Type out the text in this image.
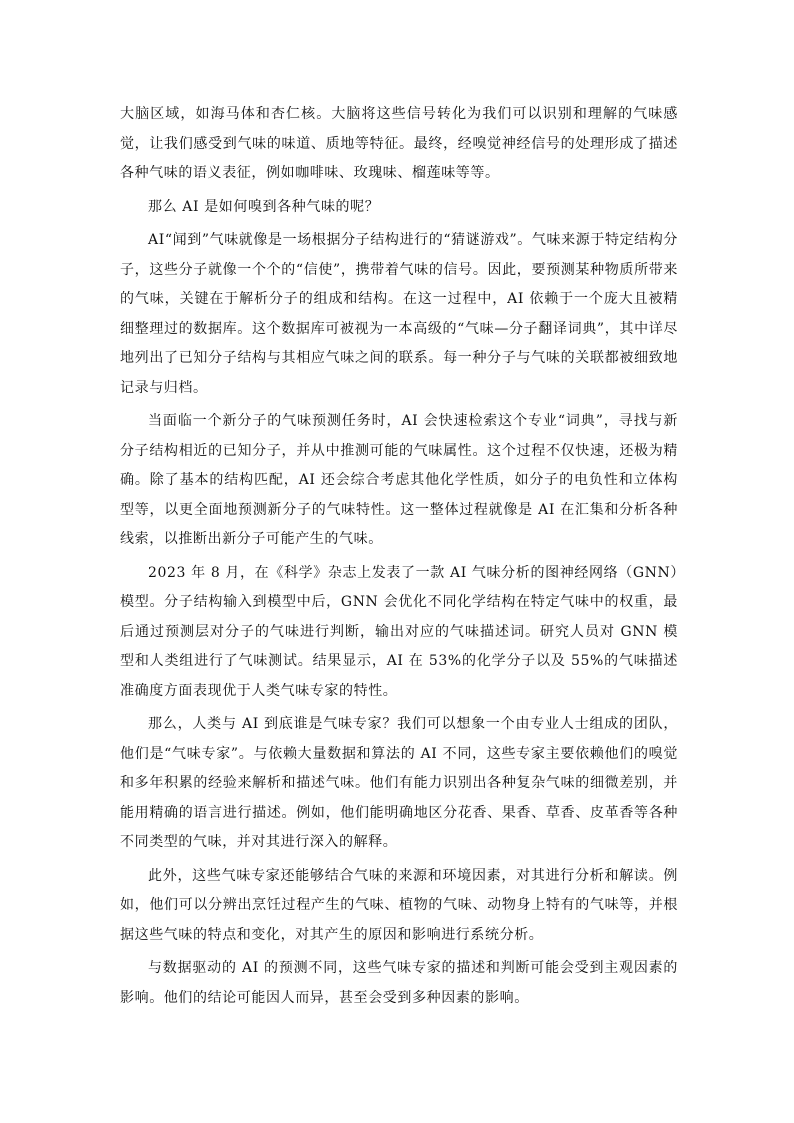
大脑区域，如海马体和杏仁核。大脑将这些信号转化为我们可以识别和理解的气味感觉，让我们感受到气味的味道、质地等特征。最终，经嗅觉神经信号的处理形成了描述各种气味的语义表征，例如咖啡味、玫瑰味、榴莲味等等。

那么 AI 是如何嗅到各种气味的呢？

AI“闻到”气味就像是一场根据分子结构进行的“猜谜游戏”。气味来源于特定结构分子，这些分子就像一个个的“信使”，携带着气味的信号。因此，要预测某种物质所带来的气味，关键在于解析分子的组成和结构。在这一过程中，AI 依赖于一个庞大且被精细整理过的数据库。这个数据库可被视为一本高级的“气味—分子翻译词典”，其中详尽地列出了已知分子结构与其相应气味之间的联系。每一种分子与气味的关联都被细致地记录与归档。

当面临一个新分子的气味预测任务时，AI 会快速检索这个专业“词典”，寻找与新分子结构相近的已知分子，并从中推测可能的气味属性。这个过程不仅快速，还极为精确。除了基本的结构匹配，AI 还会综合考虑其他化学性质，如分子的电负性和立体构型等，以更全面地预测新分子的气味特性。这一整体过程就像是 AI 在汇集和分析各种线索，以推断出新分子可能产生的气味。

2023 年 8 月，在《科学》杂志上发表了一款 AI 气味分析的图神经网络（GNN）模型。分子结构输入到模型中后，GNN 会优化不同化学结构在特定气味中的权重，最后通过预测层对分子的气味进行判断，输出对应的气味描述词。研究人员对 GNN 模型和人类组进行了气味测试。结果显示，AI 在 53%的化学分子以及 55%的气味描述准确度方面表现优于人类气味专家的特性。

那么，人类与 AI 到底谁是气味专家？我们可以想象一个由专业人士组成的团队，他们是“气味专家”。与依赖大量数据和算法的 AI 不同，这些专家主要依赖他们的嗅觉和多年积累的经验来解析和描述气味。他们有能力识别出各种复杂气味的细微差别，并能用精确的语言进行描述。例如，他们能明确地区分花香、果香、草香、皮革香等各种不同类型的气味，并对其进行深入的解释。

此外，这些气味专家还能够结合气味的来源和环境因素，对其进行分析和解读。例如，他们可以分辨出烹饪过程产生的气味、植物的气味、动物身上特有的气味等，并根据这些气味的特点和变化，对其产生的原因和影响进行系统分析。

与数据驱动的 AI 的预测不同，这些气味专家的描述和判断可能会受到主观因素的影响。他们的结论可能因人而异，甚至会受到多种因素的影响。
